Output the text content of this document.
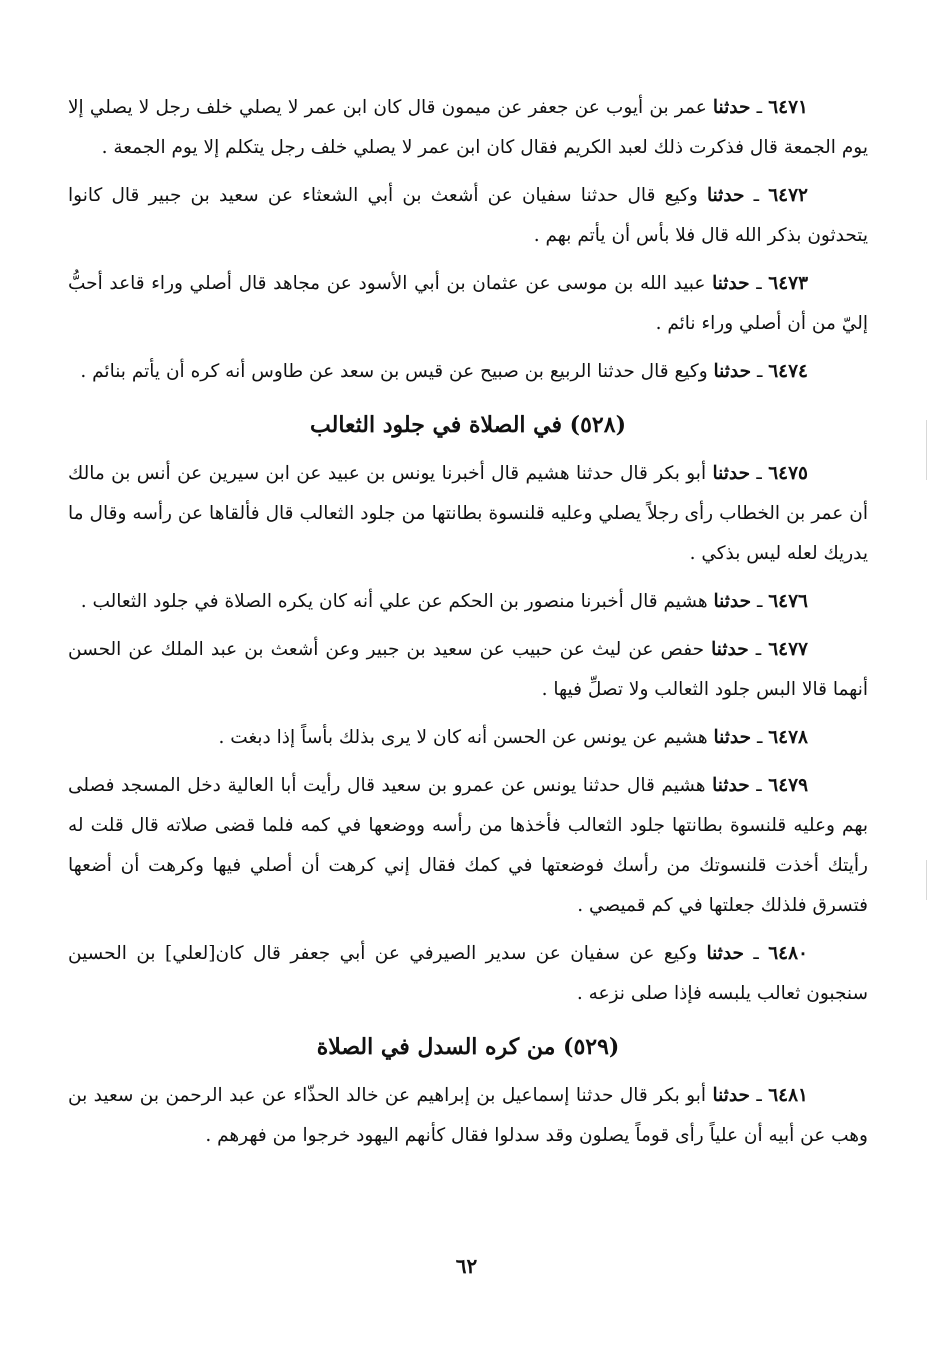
٦٤٧١ ـ حدثنا عمر بن أيوب عن جعفر عن ميمون قال كان ابن عمر لا يصلي خلف رجل لا يصلي إلا يوم الجمعة قال فذكرت ذلك لعبد الكريم فقال كان ابن عمر لا يصلي خلف رجل يتكلم إلا يوم الجمعة .

٦٤٧٢ ـ حدثنا وكيع قال حدثنا سفيان عن أشعث بن أبي الشعثاء عن سعيد بن جبير قال كانوا يتحدثون بذكر الله قال فلا بأس أن يأتم بهم .

٦٤٧٣ ـ حدثنا عبيد الله بن موسى عن عثمان بن أبي الأسود عن مجاهد قال أصلي وراء قاعد أحبُّ إليّ من أن أصلي وراء نائم .

٦٤٧٤ ـ حدثنا وكيع قال حدثنا الربيع بن صبيح عن قيس بن سعد عن طاوس أنه كره أن يأتم بنائم .

(٥٢٨) في الصلاة في جلود الثعالب

٦٤٧٥ ـ حدثنا أبو بكر قال حدثنا هشيم قال أخبرنا يونس بن عبيد عن ابن سيرين عن أنس بن مالك أن عمر بن الخطاب رأى رجلاً يصلي وعليه قلنسوة بطانتها من جلود الثعالب قال فألقاها عن رأسه وقال ما يدريك لعله ليس بذكي .

٦٤٧٦ ـ حدثنا هشيم قال أخبرنا منصور بن الحكم عن علي أنه كان يكره الصلاة في جلود الثعالب .

٦٤٧٧ ـ حدثنا حفص عن ليث عن حبيب عن سعيد بن جبير وعن أشعث بن عبد الملك عن الحسن أنهما قالا البس جلود الثعالب ولا تصلِّ فيها .

٦٤٧٨ ـ حدثنا هشيم عن يونس عن الحسن أنه كان لا يرى بذلك بأساً إذا دبغت .

٦٤٧٩ ـ حدثنا هشيم قال حدثنا يونس عن عمرو بن سعيد قال رأيت أبا العالية دخل المسجد فصلى بهم وعليه قلنسوة بطانتها جلود الثعالب فأخذها من رأسه ووضعها في كمه فلما قضى صلاته قال قلت له رأيتك أخذت قلنسوتك من رأسك فوضعتها في كمك فقال إني كرهت أن أصلي فيها وكرهت أن أضعها فتسرق فلذلك جعلتها في كم قميصي .

٦٤٨٠ ـ حدثنا وكيع عن سفيان عن سدير الصيرفي عن أبي جعفر قال كان[لعلي] بن الحسين سنجبون ثعالب يلبسه فإذا صلى نزعه .

(٥٢٩) من كره السدل في الصلاة

٦٤٨١ ـ حدثنا أبو بكر قال حدثنا إسماعيل بن إبراهيم عن خالد الحذّاء عن عبد الرحمن بن سعيد بن وهب عن أبيه أن علياً رأى قوماً يصلون وقد سدلوا فقال كأنهم اليهود خرجوا من فهرهم .

٦٢
